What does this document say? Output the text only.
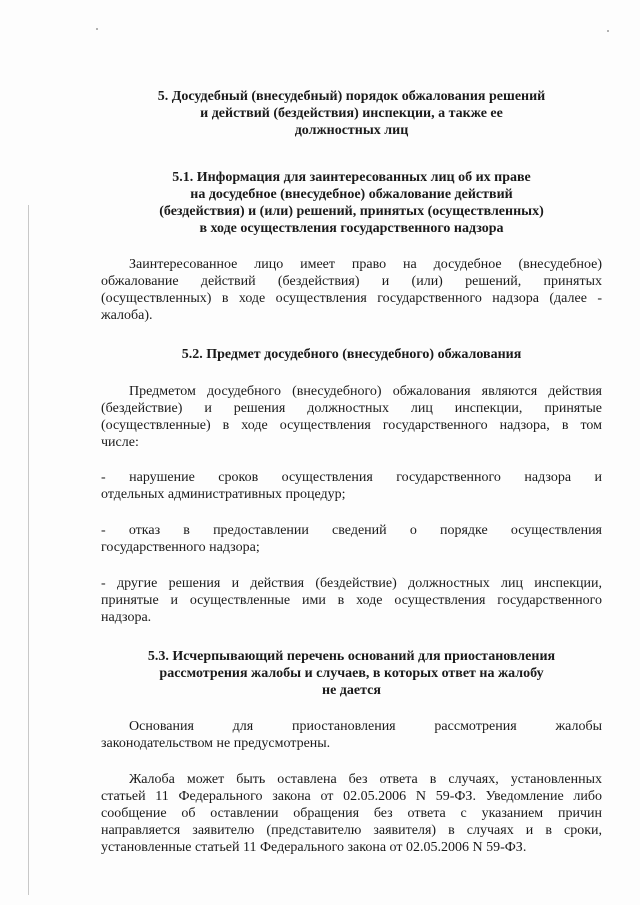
5. Досудебный (внесудебный) порядок обжалования решений
и действий (бездействия) инспекции, а также ее
должностных лиц
5.1. Информация для заинтересованных лиц об их праве
на досудебное (внесудебное) обжалование действий
(бездействия) и (или) решений, принятых (осуществленных)
в ходе осуществления государственного надзора
Заинтересованное лицо имеет право на досудебное (внесудебное)
обжалование действий (бездействия) и (или) решений, принятых
(осуществленных) в ходе осуществления государственного надзора (далее -
жалоба).
5.2. Предмет досудебного (внесудебного) обжалования
Предметом досудебного (внесудебного) обжалования являются действия
(бездействие) и решения должностных лиц инспекции, принятые
(осуществленные) в ходе осуществления государственного надзора, в том
числе:
- нарушение сроков осуществления государственного надзора и
отдельных административных процедур;
- отказ в предоставлении сведений о порядке осуществления
государственного надзора;
- другие решения и действия (бездействие) должностных лиц инспекции,
принятые и осуществленные ими в ходе осуществления государственного
надзора.
5.3. Исчерпывающий перечень оснований для приостановления
рассмотрения жалобы и случаев, в которых ответ на жалобу
не дается
Основания для приостановления рассмотрения жалобы
законодательством не предусмотрены.
Жалоба может быть оставлена без ответа в случаях, установленных
статьей 11 Федерального закона от 02.05.2006 N 59-ФЗ. Уведомление либо
сообщение об оставлении обращения без ответа с указанием причин
направляется заявителю (представителю заявителя) в случаях и в сроки,
установленные статьей 11 Федерального закона от 02.05.2006 N 59-ФЗ.
